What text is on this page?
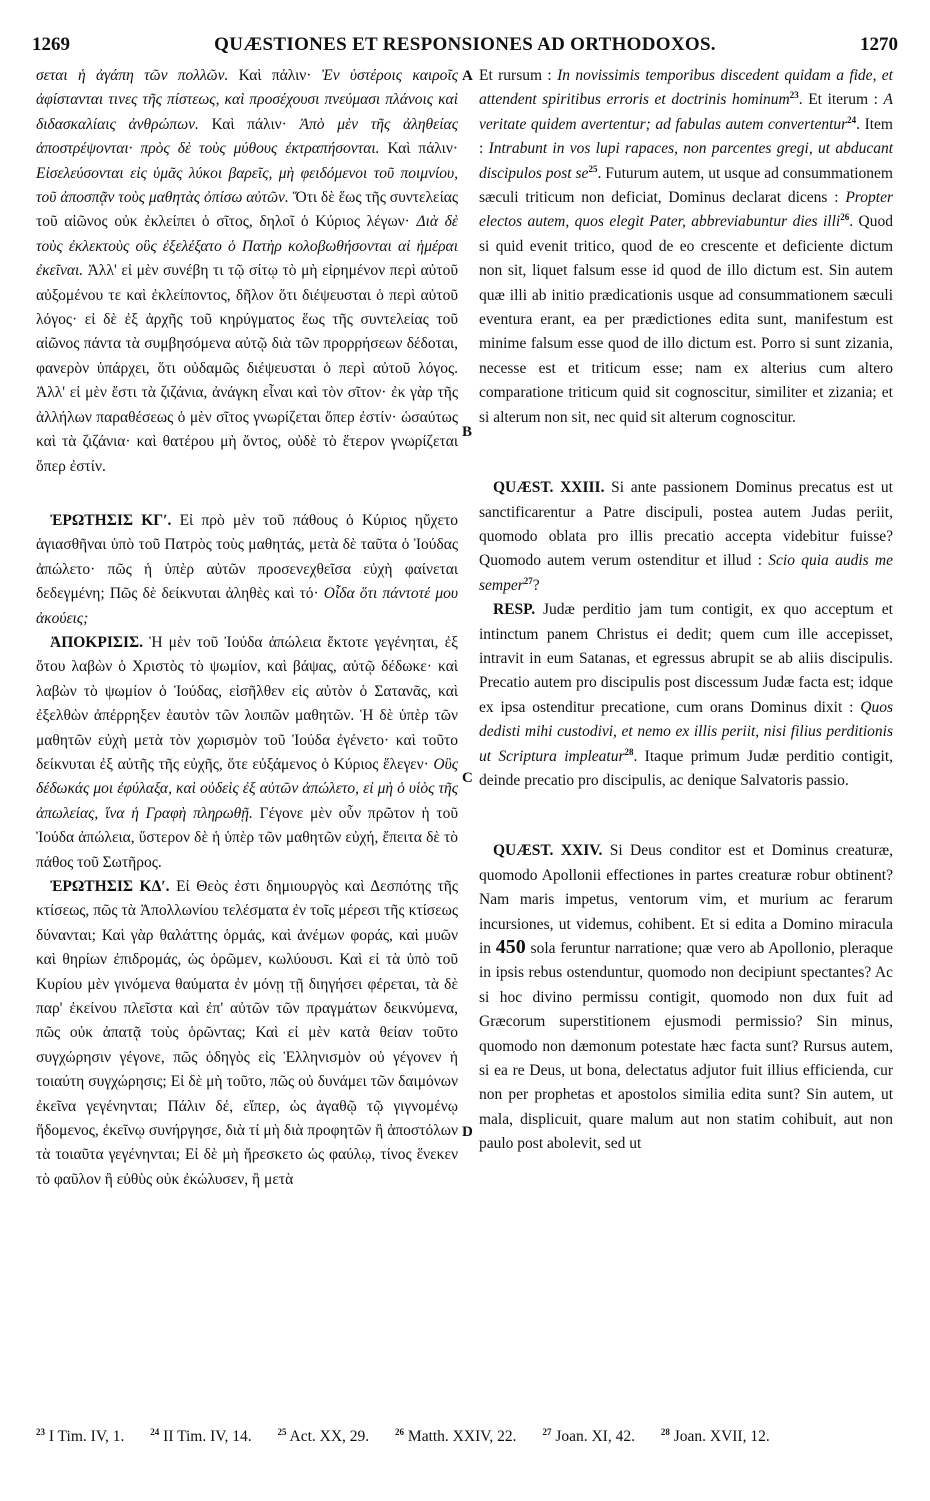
1269	QUÆSTIONES ET RESPONSIONES AD ORTHODOXOS.	1270
A
B
C
D

σεται ἡ ἀγάπη τῶν πολλῶν. Καὶ πάλιν· Ἐν ὑστέροις καιροῖς ἀφίστανται τινες τῆς πίστεως, καὶ προσέχουσι πνεύμασι πλάνοις καὶ διδασκαλίαις ἀνθρώπων. Καὶ πάλιν· Ἀπὸ μὲν τῆς ἀληθείας ἀποστρέψονται· πρὸς δὲ τοὺς μύθους ἐκτραπήσονται. Καὶ πάλιν· Εἰσελεύσονται εἰς ὑμᾶς λύκοι βαρεῖς, μὴ φειδόμενοι τοῦ ποιμνίου, τοῦ ἀποσπᾷν τοὺς μαθητὰς ὀπίσω αὐτῶν. Ὅτι δὲ ἕως τῆς συντελείας τοῦ αἰῶνος οὐκ ἐκλείπει ὁ σῖτος, δηλοῖ ὁ Κύριος λέγων· Διὰ δὲ τοὺς ἐκλεκτοὺς οὓς ἐξελέξατο ὁ Πατὴρ κολοβωθήσονται αἱ ἡμέραι ἐκεῖναι. Ἀλλ' εἰ μὲν συνέβη τι τῷ σίτῳ τὸ μὴ εἰρημένον περὶ αὐτοῦ αὐξομένου τε καὶ ἐκλείποντος, δῆλον ὅτι διέψευσται ὁ περὶ αὐτοῦ λόγος· εἰ δὲ ἐξ ἀρχῆς τοῦ κηρύγματος ἕως τῆς συντελείας τοῦ αἰῶνος πάντα τὰ συμβησόμενα αὐτῷ διὰ τῶν προρρήσεων δέδοται, φανερὸν ὑπάρχει, ὅτι οὐδαμῶς διέψευσται ὁ περὶ αὐτοῦ λόγος. Ἀλλ' εἰ μὲν ἔστι τὰ ζιζάνια, ἀνάγκη εἶναι καὶ τὸν σῖτον· ἐκ γὰρ τῆς ἀλλήλων παραθέσεως ὁ μὲν σῖτος γνωρίζεται ὅπερ ἐστίν· ὡσαύτως καὶ τὰ ζιζάνια· καὶ θατέρου μὴ ὄντος, οὐδὲ τὸ ἕτερον γνωρίζεται ὅπερ ἐστίν.

ἘΡΩΤΗΣΙΣ ΚΓʹ. Εἰ πρὸ μὲν τοῦ πάθους ὁ Κύριος ηὔχετο ἁγιασθῆναι ὑπὸ τοῦ Πατρὸς τοὺς μαθητάς, μετὰ δὲ ταῦτα ὁ Ἰούδας ἀπώλετο· πῶς ἡ ὑπὲρ αὐτῶν προσενεχθεῖσα εὐχὴ φαίνεται δεδεγμένη; Πῶς δὲ δείκνυται ἀληθὲς καὶ τό· Οἶδα ὅτι πάντοτέ μου ἀκούεις;

ἈΠΟΚΡΙΣΙΣ. Ἡ μὲν τοῦ Ἰούδα ἀπώλεια ἔκτοτε γεγένηται, ἐξ ὅτου λαβὼν ὁ Χριστὸς τὸ ψωμίον, καὶ βάψας, αὐτῷ δέδωκε· καὶ λαβὼν τὸ ψωμίον ὁ Ἰούδας, εἰσῆλθεν εἰς αὐτὸν ὁ Σατανᾶς, καὶ ἐξελθὼν ἀπέρρηξεν ἑαυτὸν τῶν λοιπῶν μαθητῶν. Ἡ δὲ ὑπὲρ τῶν μαθητῶν εὐχὴ μετὰ τὸν χωρισμὸν τοῦ Ἰούδα ἐγένετο· καὶ τοῦτο δείκνυται ἐξ αὐτῆς τῆς εὐχῆς, ὅτε εὐξάμενος ὁ Κύριος ἔλεγεν· Οὓς δέδωκάς μοι ἐφύλαξα, καὶ οὐδεὶς ἐξ αὐτῶν ἀπώλετο, εἰ μὴ ὁ υἱὸς τῆς ἀπωλείας, ἵνα ἡ Γραφὴ πληρωθῇ. Γέγονε μὲν οὖν πρῶτον ἡ τοῦ Ἰούδα ἀπώλεια, ὕστερον δὲ ἡ ὑπὲρ τῶν μαθητῶν εὐχή, ἔπειτα δὲ τὸ πάθος τοῦ Σωτῆρος.

ἘΡΩΤΗΣΙΣ ΚΔʹ. Εἰ Θεὸς ἐστι δημιουργὸς καὶ Δεσπότης τῆς κτίσεως, πῶς τὰ Ἀπολλωνίου τελέσματα ἐν τοῖς μέρεσι τῆς κτίσεως δύνανται; Καὶ γὰρ θαλάττης ὁρμάς, καὶ ἀνέμων φοράς, καὶ μυῶν καὶ θηρίων ἐπιδρομάς, ὡς ὁρῶμεν, κωλύουσι. Καὶ εἰ τὰ ὑπὸ τοῦ Κυρίου μὲν γινόμενα θαύματα ἐν μόνῃ τῇ διηγήσει φέρεται, τὰ δὲ παρ' ἐκείνου πλεῖστα καὶ ἐπ' αὐτῶν τῶν πραγμάτων δεικνύμενα, πῶς οὐκ ἀπατᾷ τοὺς ὁρῶντας; Καὶ εἰ μὲν κατὰ θείαν τοῦτο συγχώρησιν γέγονε, πῶς ὁδηγὸς εἰς Ἑλληνισμὸν οὐ γέγονεν ἡ τοιαύτη συγχώρησις; Εἰ δὲ μὴ τοῦτο, πῶς οὐ δυνάμει τῶν δαιμόνων ἐκεῖνα γεγένηνται; Πάλιν δέ, εἴπερ, ὡς ἀγαθῷ τῷ γιγνομένῳ ἥδομενος, ἐκεῖνῳ συνήργησε, διὰ τί μὴ διὰ προφητῶν ἢ ἀποστόλων τὰ τοιαῦτα γεγένηνται; Εἰ δὲ μὴ ἤρεσκετο ὡς φαύλῳ, τίνος ἕνεκεν τὸ φαῦλον ἢ εὐθὺς οὐκ ἐκώλυσεν, ἢ μετὰ

Et rursum : In novissimis temporibus discedent quidam a fide, et attendent spiritibus erroris et doctrinis hominum$^{23}$. Et iterum : A veritate quidem avertentur; ad fabulas autem convertentur$^{24}$. Item : Intrabunt in vos lupi rapaces, non parcentes gregi, ut abducant discipulos post se$^{25}$. Futurum autem, ut usque ad consummationem sæculi triticum non deficiat, Dominus declarat dicens : Propter electos autem, quos elegit Pater, abbreviabuntur dies illi$^{26}$. Quod si quid evenit tritico, quod de eo crescente et deficiente dictum non sit, liquet falsum esse id quod de illo dictum est. Sin autem quæ illi ab initio prædicationis usque ad consummationem sæculi eventura erant, ea per prædictiones edita sunt, manifestum est minime falsum esse quod de illo dictum est. Porro si sunt zizania, necesse est et triticum esse; nam ex alterius cum altero comparatione triticum quid sit cognoscitur, similiter et zizania; et si alterum non sit, nec quid sit alterum cognoscitur.

QUÆST. XXIII. Si ante passionem Dominus precatus est ut sanctificarentur a Patre discipuli, postea autem Judas periit, quomodo oblata pro illis precatio accepta videbitur fuisse? Quomodo autem verum ostenditur et illud : Scio quia audis me semper$^{27}$?

RESP. Judæ perditio jam tum contigit, ex quo acceptum et intinctum panem Christus ei dedit; quem cum ille accepisset, intravit in eum Satanas, et egressus abrupit se ab aliis discipulis. Precatio autem pro discipulis post discessum Judæ facta est; idque ex ipsa ostenditur precatione, cum orans Dominus dixit : Quos dedisti mihi custodivi, et nemo ex illis periit, nisi filius perditionis ut Scriptura impleatur$^{28}$. Itaque primum Judæ perditio contigit, deinde precatio pro discipulis, ac denique Salvatoris passio.

QUÆST. XXIV. Si Deus conditor est et Dominus creaturæ, quomodo Apollonii effectiones in partes creaturæ robur obtinent? Nam maris impetus, ventorum vim, et murium ac ferarum incursiones, ut videmus, cohibent. Et si edita a Domino miracula in 450 sola feruntur narratione; quæ vero ab Apollonio, pleraque in ipsis rebus ostenduntur, quomodo non decipiunt spectantes? Ac si hoc divino permissu contigit, quomodo non dux fuit ad Græcorum superstitionem ejusmodi permissio? Sin minus, quomodo non dæmonum potestate hæc facta sunt? Rursus autem, si ea re Deus, ut bona, delectatus adjutor fuit illius efficienda, cur non per prophetas et apostolos similia edita sunt? Sin autem, ut mala, displicuit, quare malum aut non statim cohibuit, aut non paulo post abolevit, sed ut

$^{23}$ I Tim. IV, 1.	$^{24}$ II Tim. IV, 14.	$^{25}$ Act. XX, 29.	$^{26}$ Matth. XXIV, 22.	$^{27}$ Joan. XI, 42.	$^{28}$ Joan. XVII, 12.
